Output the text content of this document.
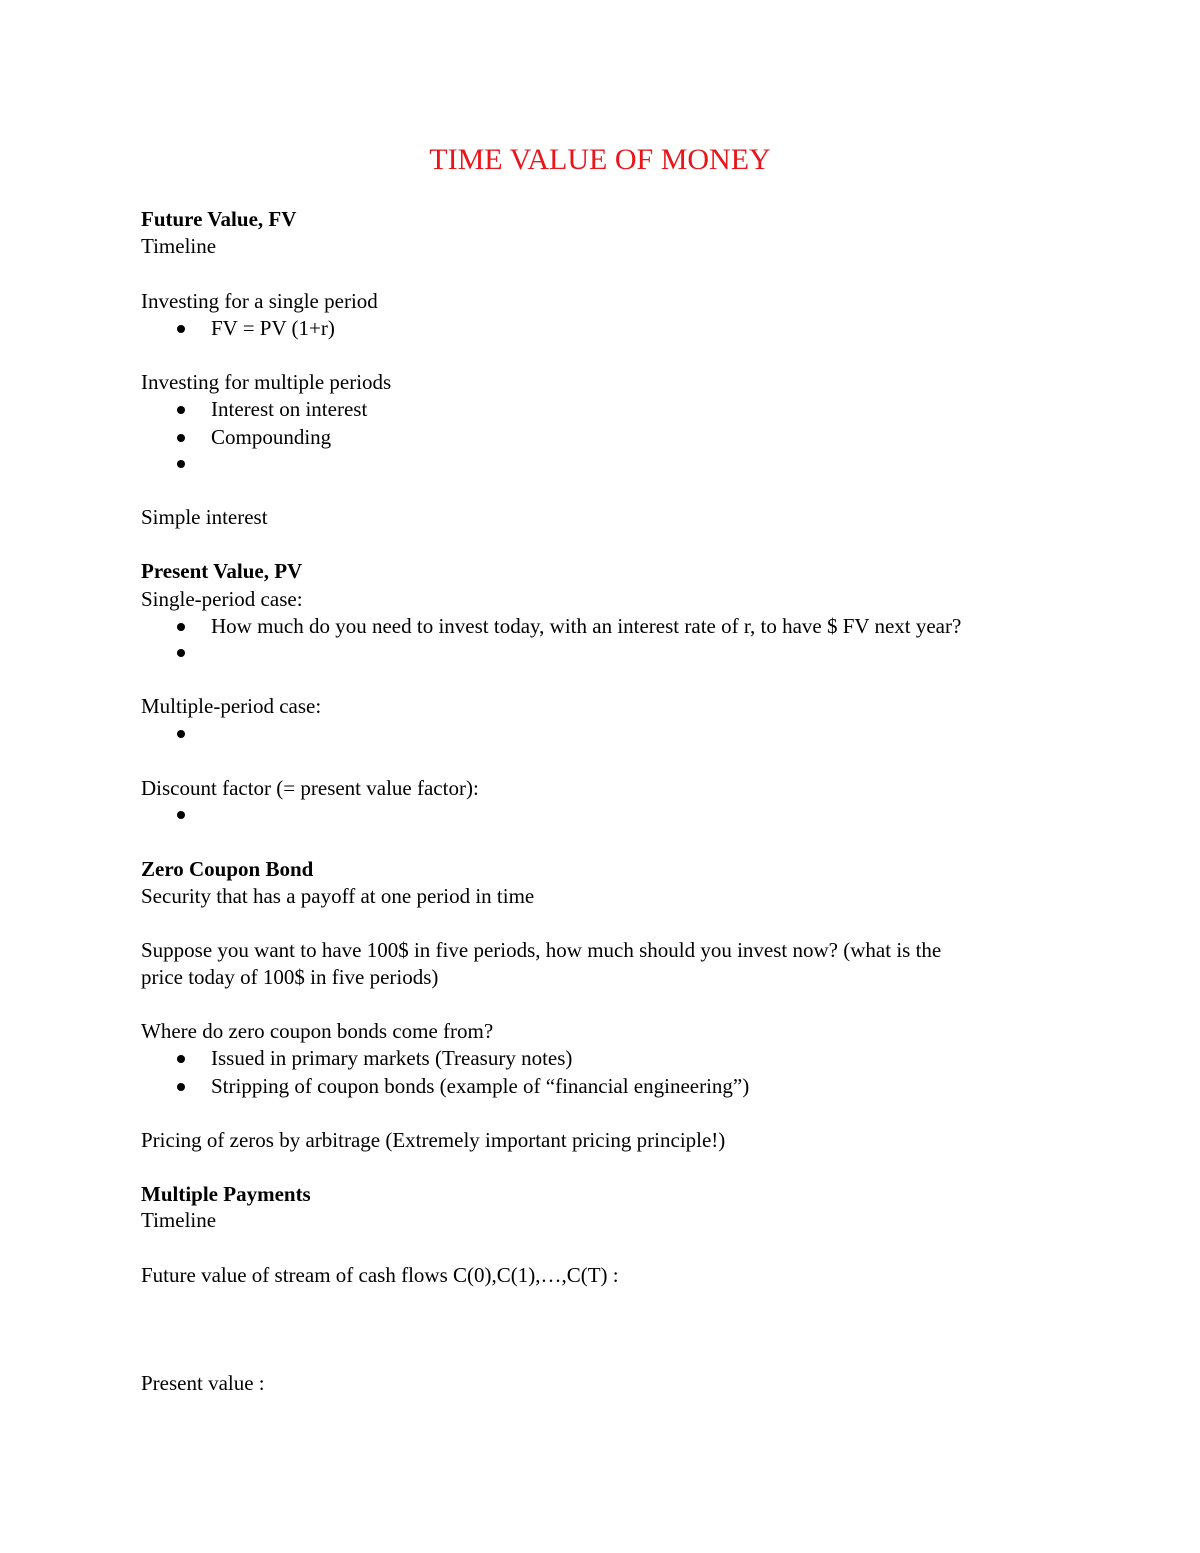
TIME VALUE OF MONEY

Future Value, FV

Timeline

Investing for a single period

FV = PV (1+r)

Investing for multiple periods

Interest on interest

Compounding

Simple interest

Present Value, PV

Single-period case:

How much do you need to invest today, with an interest rate of r, to have $ FV next year?

Multiple-period case:

Discount factor (= present value factor):

Zero Coupon Bond

Security that has a payoff at one period in time

Suppose you want to have 100$ in five periods, how much should you invest now? (what is the

price today of 100$ in five periods)

Where do zero coupon bonds come from?

Issued in primary markets (Treasury notes)

Stripping of coupon bonds (example of “financial engineering”)

Pricing of zeros by arbitrage (Extremely important pricing principle!)

Multiple Payments

Timeline

Future value of stream of cash flows C(0),C(1),…,C(T) :

Present value :
